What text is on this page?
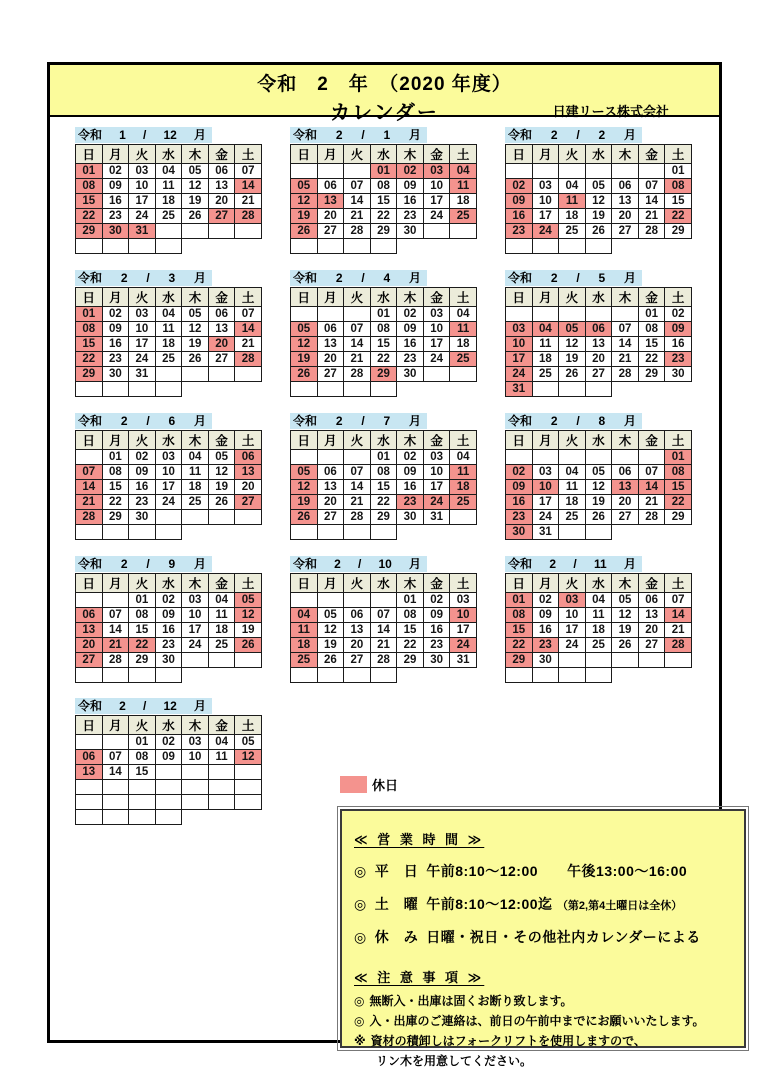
令和　2　年　（2020 年度）
カレンダー	日建リース株式会社
令和 1 / 12 月
日	月	火	水	木	金	土
01	02	03	04	05	06	07
08	09	10	11	12	13	14
15	16	17	18	19	20	21
22	23	24	25	26	27	28
29	30	31				

令和 2 / 1 月
日	月	火	水	木	金	土
			01	02	03	04
05	06	07	08	09	10	11
12	13	14	15	16	17	18
19	20	21	22	23	24	25
26	27	28	29	30		

令和 2 / 2 月
日	月	火	水	木	金	土
						01
02	03	04	05	06	07	08
09	10	11	12	13	14	15
16	17	18	19	20	21	22
23	24	25	26	27	28	29

令和 2 / 3 月
日	月	火	水	木	金	土
01	02	03	04	05	06	07
08	09	10	11	12	13	14
15	16	17	18	19	20	21
22	23	24	25	26	27	28
29	30	31				

令和 2 / 4 月
日	月	火	水	木	金	土
			01	02	03	04
05	06	07	08	09	10	11
12	13	14	15	16	17	18
19	20	21	22	23	24	25
26	27	28	29	30		

令和 2 / 5 月
日	月	火	水	木	金	土
					01	02
03	04	05	06	07	08	09
10	11	12	13	14	15	16
17	18	19	20	21	22	23
24	25	26	27	28	29	30
31						
令和 2 / 6 月
日	月	火	水	木	金	土
	01	02	03	04	05	06
07	08	09	10	11	12	13
14	15	16	17	18	19	20
21	22	23	24	25	26	27
28	29	30				

令和 2 / 7 月
日	月	火	水	木	金	土
			01	02	03	04
05	06	07	08	09	10	11
12	13	14	15	16	17	18
19	20	21	22	23	24	25
26	27	28	29	30	31	

令和 2 / 8 月
日	月	火	水	木	金	土
						01
02	03	04	05	06	07	08
09	10	11	12	13	14	15
16	17	18	19	20	21	22
23	24	25	26	27	28	29
30	31					
令和 2 / 9 月
日	月	火	水	木	金	土
		01	02	03	04	05
06	07	08	09	10	11	12
13	14	15	16	17	18	19
20	21	22	23	24	25	26
27	28	29	30			

令和 2 / 10 月
日	月	火	水	木	金	土
				01	02	03
04	05	06	07	08	09	10
11	12	13	14	15	16	17
18	19	20	21	22	23	24
25	26	27	28	29	30	31

令和 2 / 11 月
日	月	火	水	木	金	土
01	02	03	04	05	06	07
08	09	10	11	12	13	14
15	16	17	18	19	20	21
22	23	24	25	26	27	28
29	30					

令和 2 / 12 月
日	月	火	水	木	金	土
		01	02	03	04	05
06	07	08	09	10	11	12
13	14	15				

休日
≪ 営 業 時 間 ≫
◎ 平　日 午前8:10～12:00　　午後13:00～16:00
◎ 土　曜 午前8:10～12:00迄 （第2,第4土曜日は全休）
◎ 休　み 日曜・祝日・その他社内カレンダーによる
≪ 注 意 事 項 ≫
◎ 無断入・出庫は固くお断り致します。
◎ 入・出庫のご連絡は、前日の午前中までにお願いいたします。
※ 資材の積卸しはフォークリフトを使用しますので、
リン木を用意してください。
